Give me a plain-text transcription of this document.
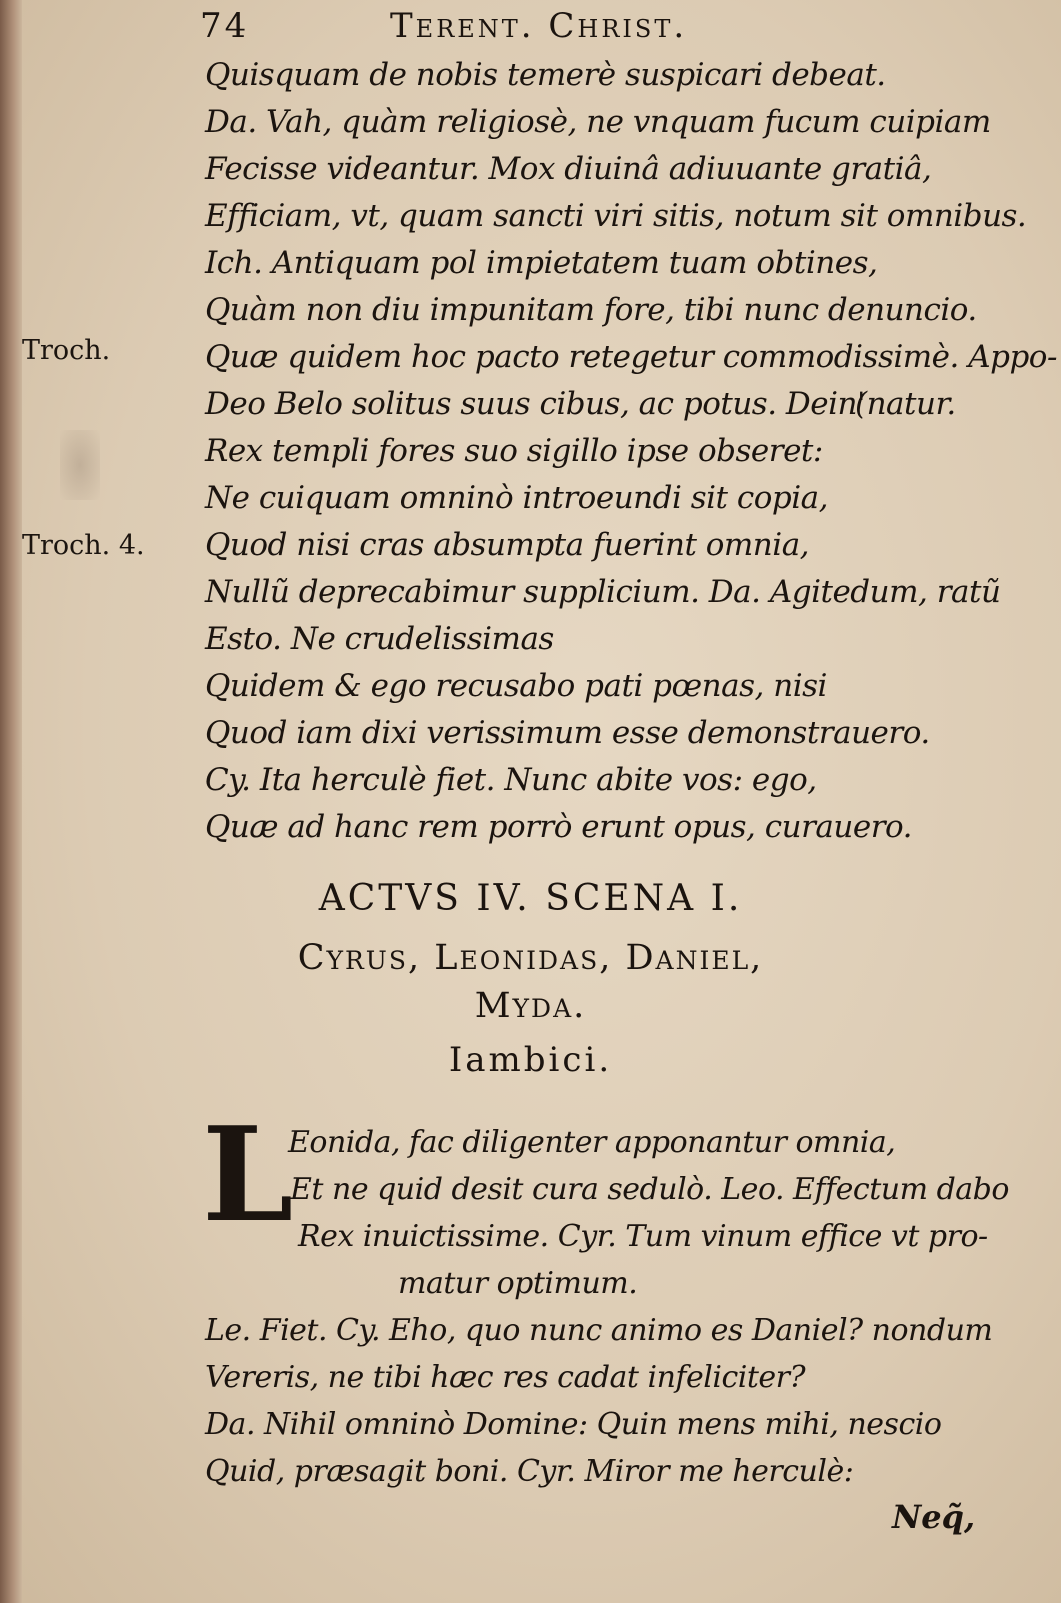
74	Terent. Christ.
Troch.
Troch. 4.
Quisquam de nobis temerè suspicari debeat.
Da. Vah, quàm religiosè, ne vnquam fucum cuipiam
Fecisse videantur. Mox diuinâ adiuuante gratiâ,
Efficiam, vt, quam sancti viri sitis, notum sit omnibus.
Ich. Antiquam pol impietatem tuam obtines,
Quàm non diu impunitam fore, tibi nunc denuncio.
Quæ quidem hoc pacto retegetur commodissimè. Appo-
Deo Belo solitus suus cibus, ac potus. Dein'
Rex templi fores suo sigillo ipse obseret:
Ne cuiquam omninò introeundi sit copia,
Quod nisi cras absumpta fuerint omnia,
Nullũ deprecabimur supplicium. Da. Agitedum, ratũ
Esto. Ne crudelissimas
Quidem & ego recusabo pati pœnas, nisi
Quod iam dixi verissimum esse demonstrauero.
Cy. Ita herculè fiet. Nunc abite vos: ego,
Quæ ad hanc rem porrò erunt opus, curauero.
(natur.
ACTVS IV. SCENA I.
Cyrus, Leonidas, Daniel,
Myda.
Iambici.
L
Eonida, fac diligenter apponantur omnia,
Et ne quid desit cura sedulò. Leo. Effectum dabo
Rex inuictissime. Cyr. Tum vinum effice vt pro-
matur optimum.
Le. Fiet. Cy. Eho, quo nunc animo es Daniel? nondum
Vereris, ne tibi hæc res cadat infeliciter?
Da. Nihil omninò Domine: Quin mens mihi, nescio
Quid, præsagit boni. Cyr. Miror me herculè:
Neq̃,
